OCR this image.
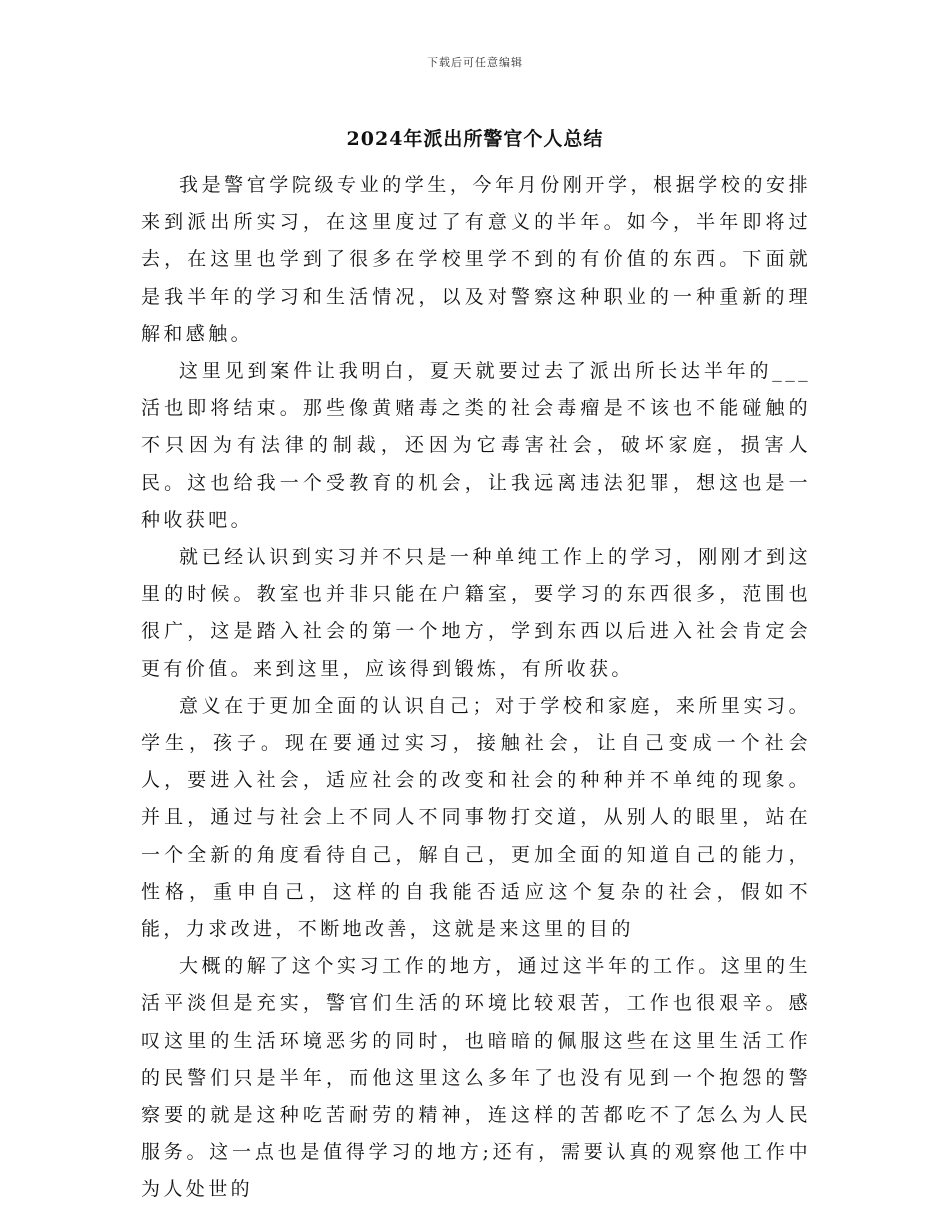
下载后可任意编辑
2024年派出所警官个人总结

我是警官学院级专业的学生，今年月份刚开学，根据学校的安排来到派出所实习，在这里度过了有意义的半年。如今，半年即将过去，在这里也学到了很多在学校里学不到的有价值的东西。下面就是我半年的学习和生活情况，以及对警察这种职业的一种重新的理解和感触。

这里见到案件让我明白，夏天就要过去了派出所长达半年的___活也即将结束。那些像黄赌毒之类的社会毒瘤是不该也不能碰触的不只因为有法律的制裁，还因为它毒害社会，破坏家庭，损害人民。这也给我一个受教育的机会，让我远离违法犯罪，想这也是一种收获吧。

就已经认识到实习并不只是一种单纯工作上的学习，刚刚才到这里的时候。教室也并非只能在户籍室，要学习的东西很多，范围也很广，这是踏入社会的第一个地方，学到东西以后进入社会肯定会更有价值。来到这里，应该得到锻炼，有所收获。

意义在于更加全面的认识自己；对于学校和家庭，来所里实习。学生，孩子。现在要通过实习，接触社会，让自己变成一个社会人，要进入社会，适应社会的改变和社会的种种并不单纯的现象。并且，通过与社会上不同人不同事物打交道，从别人的眼里，站在一个全新的角度看待自己，解自己，更加全面的知道自己的能力，性格，重申自己，这样的自我能否适应这个复杂的社会，假如不能，力求改进，不断地改善，这就是来这里的目的

大概的解了这个实习工作的地方，通过这半年的工作。这里的生活平淡但是充实，警官们生活的环境比较艰苦，工作也很艰辛。感叹这里的生活环境恶劣的同时，也暗暗的佩服这些在这里生活工作的民警们只是半年，而他这里这么多年了也没有见到一个抱怨的警察要的就是这种吃苦耐劳的精神，连这样的苦都吃不了怎么为人民服务。这一点也是值得学习的地方;还有，需要认真的观察他工作中为人处世的
